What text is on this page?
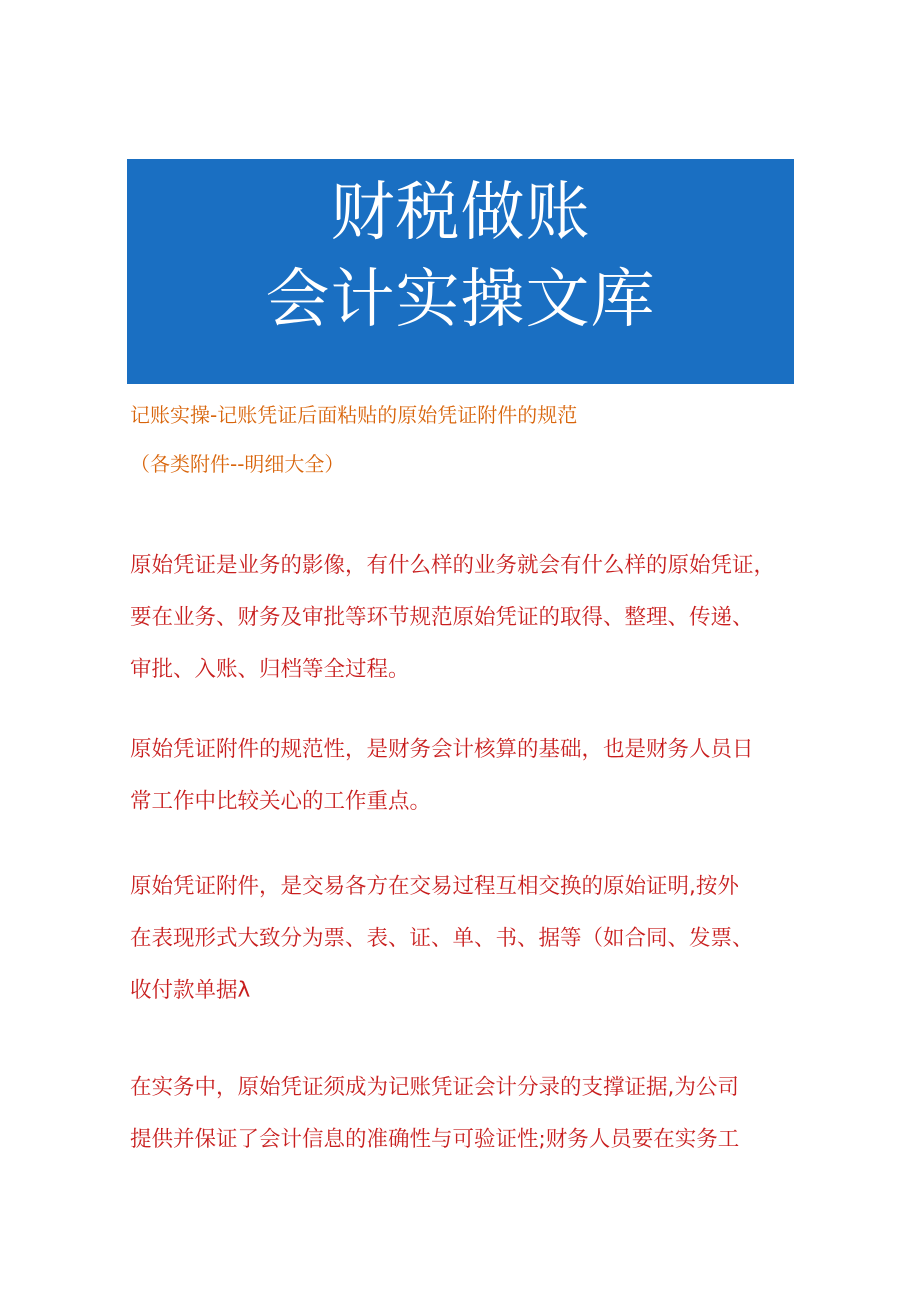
财税做账
会计实操文库
记账实操-记账凭证后面粘贴的原始凭证附件的规范
（各类附件--明细大全）
原始凭证是业务的影像，有什么样的业务就会有什么样的原始凭证，
要在业务、财务及审批等环节规范原始凭证的取得、整理、传递、
审批、入账、归档等全过程。
原始凭证附件的规范性，是财务会计核算的基础，也是财务人员日
常工作中比较关心的工作重点。
原始凭证附件，是交易各方在交易过程互相交换的原始证明,按外
在表现形式大致分为票、表、证、单、书、据等（如合同、发票、
收付款单据λ
在实务中，原始凭证须成为记账凭证会计分录的支撑证据,为公司
提供并保证了会计信息的准确性与可验证性;财务人员要在实务工
